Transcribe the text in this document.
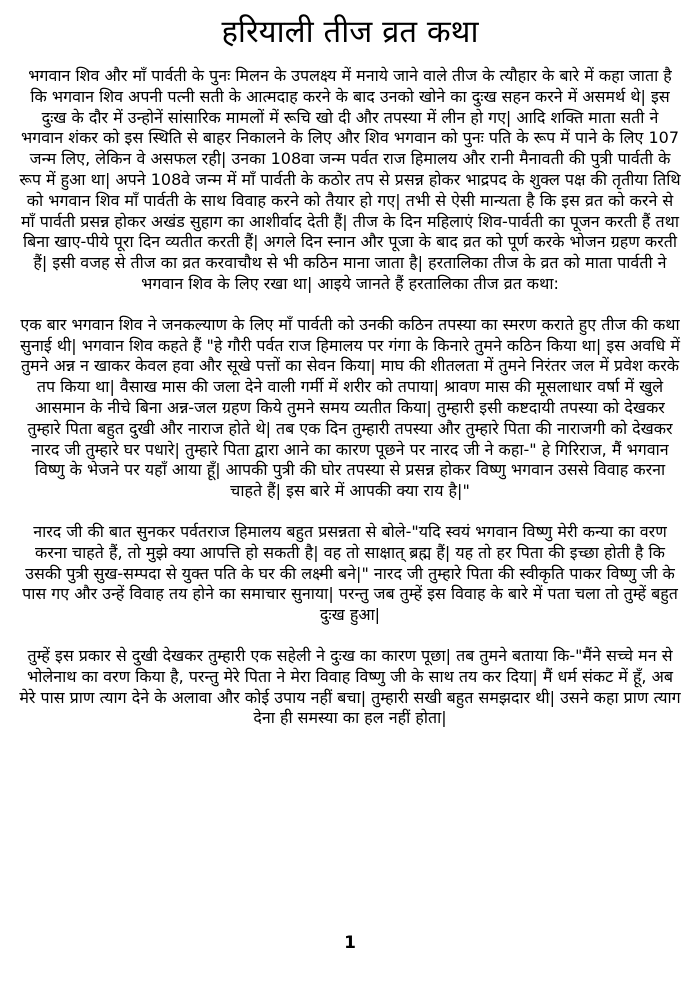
हरियाली तीज व्रत कथा

भगवान शिव और माँ पार्वती के पुनः मिलन के उपलक्ष्य में मनाये जाने वाले तीज के त्यौहार के बारे में कहा जाता है कि भगवान शिव अपनी पत्नी सती के आत्मदाह करने के बाद उनको खोने का दुःख सहन करने में असमर्थ थे| इस दुःख के दौर में उन्होनें सांसारिक मामलों में रूचि खो दी और तपस्या में लीन हो गए| आदि शक्ति माता सती ने भगवान शंकर को इस स्थिति से बाहर निकालने के लिए और शिव भगवान को पुनः पति के रूप में पाने के लिए 107 जन्म लिए, लेकिन वे असफल रही| उनका 108वा जन्म पर्वत राज हिमालय और रानी मैनावती की पुत्री पार्वती के रूप में हुआ था| अपने 108वे जन्म में माँ पार्वती के कठोर तप से प्रसन्न होकर भाद्रपद के शुक्ल पक्ष की तृतीया तिथि को भगवान शिव माँ पार्वती के साथ विवाह करने को तैयार हो गए| तभी से ऐसी मान्यता है कि इस व्रत को करने से माँ पार्वती प्रसन्न होकर अखंड सुहाग का आशीर्वाद देती हैं| तीज के दिन महिलाएं शिव-पार्वती का पूजन करती हैं तथा बिना खाए-पीये पूरा दिन व्यतीत करती हैं| अगले दिन स्नान और पूजा के बाद व्रत को पूर्ण करके भोजन ग्रहण करती हैं| इसी वजह से तीज का व्रत करवाचौथ से भी कठिन माना जाता है| हरतालिका तीज के व्रत को माता पार्वती ने भगवान शिव के लिए रखा था| आइये जानते हैं हरतालिका तीज व्रत कथा:

एक बार भगवान शिव ने जनकल्याण के लिए माँ पार्वती को उनकी कठिन तपस्या का स्मरण कराते हुए तीज की कथा सुनाई थी| भगवान शिव कहते हैं "हे गौरी पर्वत राज हिमालय पर गंगा के किनारे तुमने कठिन किया था| इस अवधि में तुमने अन्न न खाकर केवल हवा और सूखे पत्तों का सेवन किया| माघ की शीतलता में तुमने निरंतर जल में प्रवेश करके तप किया था| वैसाख मास की जला देने वाली गर्मी में शरीर को तपाया| श्रावण मास की मूसलाधार वर्षा में खुले आसमान के नीचे बिना अन्न-जल ग्रहण किये तुमने समय व्यतीत किया| तुम्हारी इसी कष्टदायी तपस्या को देखकर तुम्हारे पिता बहुत दुखी और नाराज होते थे| तब एक दिन तुम्हारी तपस्या और तुम्हारे पिता की नाराजगी को देखकर नारद जी तुम्हारे घर पधारे| तुम्हारे पिता द्वारा आने का कारण पूछने पर नारद जी ने कहा-" हे गिरिराज, मैं भगवान विष्णु के भेजने पर यहाँ आया हूँ| आपकी पुत्री की घोर तपस्या से प्रसन्न होकर विष्णु भगवान उससे विवाह करना चाहते हैं| इस बारे में आपकी क्या राय है|"

नारद जी की बात सुनकर पर्वतराज हिमालय बहुत प्रसन्नता से बोले-"यदि स्वयं भगवान विष्णु मेरी कन्या का वरण करना चाहते हैं, तो मुझे क्या आपत्ति हो सकती है| वह तो साक्षात् ब्रह्म हैं| यह तो हर पिता की इच्छा होती है कि उसकी पुत्री सुख-सम्पदा से युक्त पति के घर की लक्ष्मी बने|" नारद जी तुम्हारे पिता की स्वीकृति पाकर विष्णु जी के पास गए और उन्हें विवाह तय होने का समाचार सुनाया| परन्तु जब तुम्हें इस विवाह के बारे में पता चला तो तुम्हें बहुत दुःख हुआ|

तुम्हें इस प्रकार से दुखी देखकर तुम्हारी एक सहेली ने दुःख का कारण पूछा| तब तुमने बताया कि-"मैंने सच्चे मन से भोलेनाथ का वरण किया है, परन्तु मेरे पिता ने मेरा विवाह विष्णु जी के साथ तय कर दिया| मैं धर्म संकट में हूँ, अब मेरे पास प्राण त्याग देने के अलावा और कोई उपाय नहीं बचा| तुम्हारी सखी बहुत समझदार थी| उसने कहा प्राण त्याग देना ही समस्या का हल नहीं होता|

1
